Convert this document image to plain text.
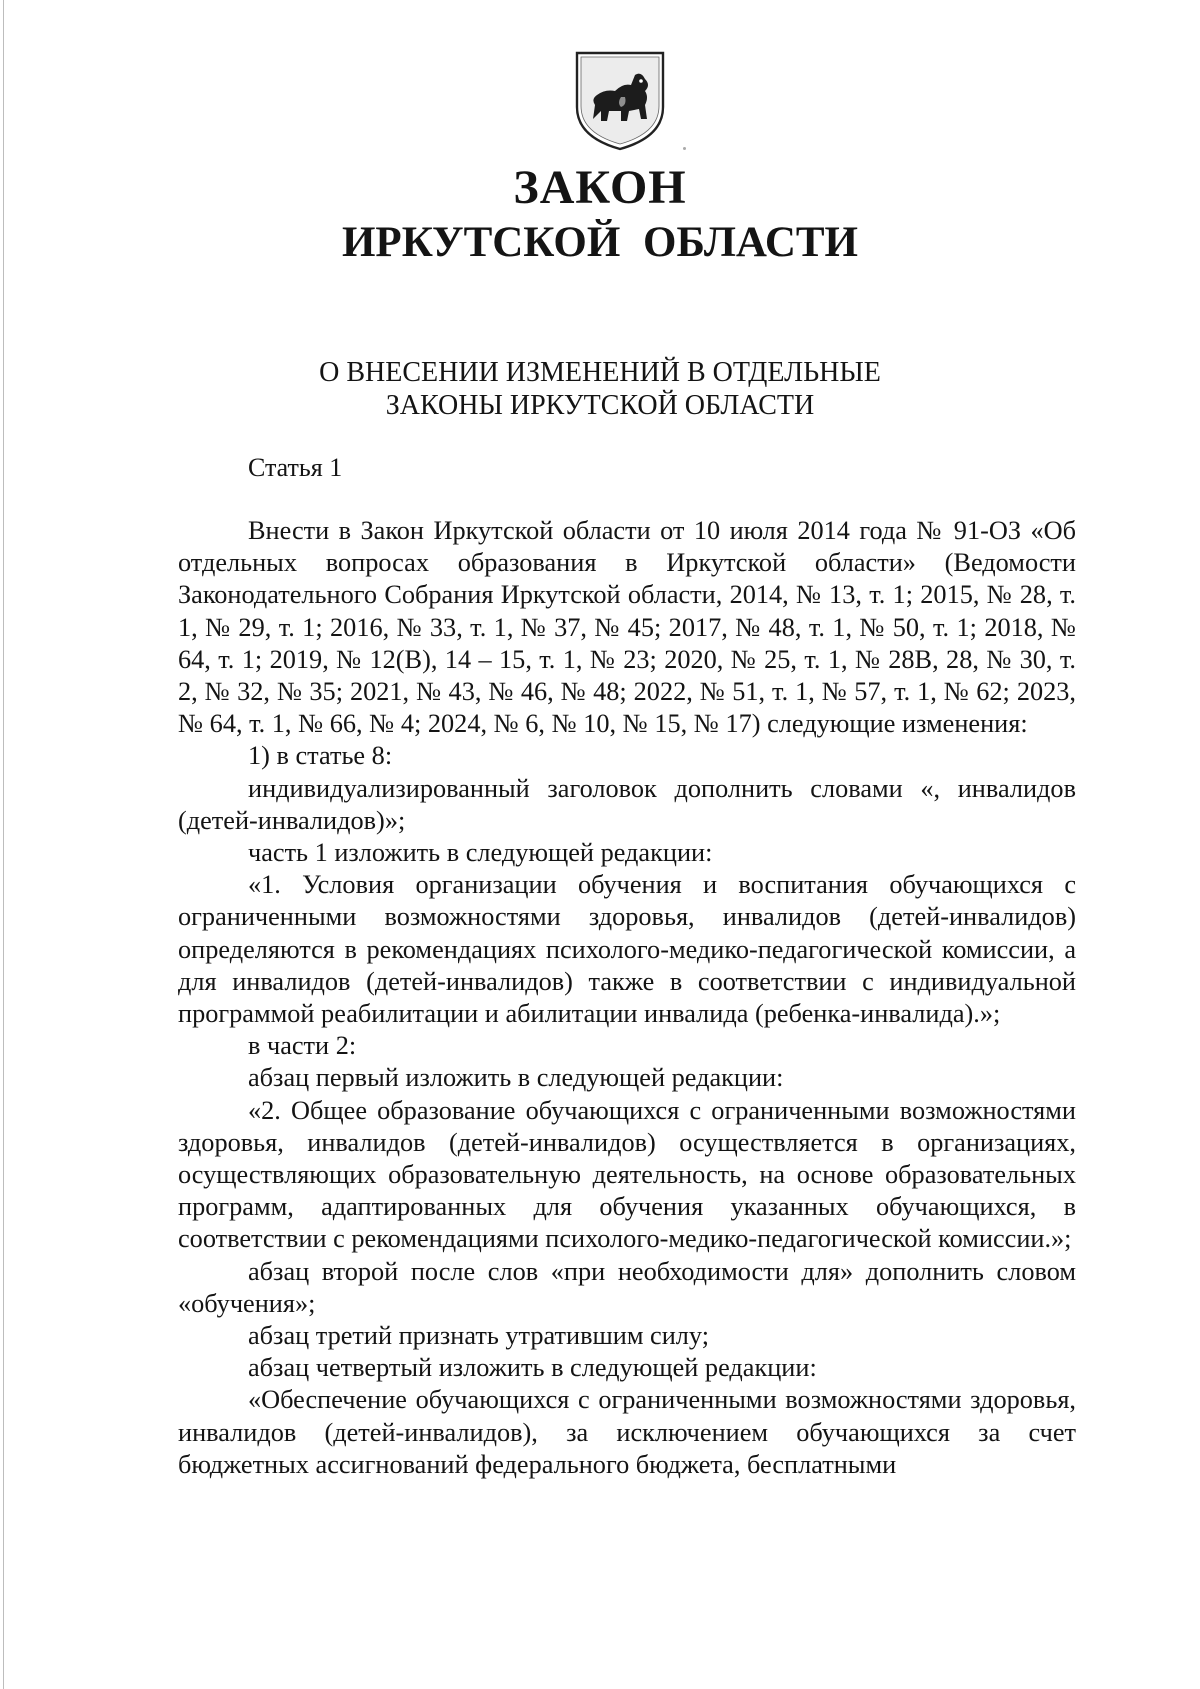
ЗАКОН
ИРКУТСКОЙ ОБЛАСТИ
О ВНЕСЕНИИ ИЗМЕНЕНИЙ В ОТДЕЛЬНЫЕ
ЗАКОНЫ ИРКУТСКОЙ ОБЛАСТИ
Статья 1

Внести в Закон Иркутской области от 10 июля 2014 года № 91-ОЗ «Об отдельных вопросах образования в Иркутской области» (Ведомости Законодательного Собрания Иркутской области, 2014, № 13, т. 1; 2015, № 28, т. 1, № 29, т. 1; 2016, № 33, т. 1, № 37, № 45; 2017, № 48, т. 1, № 50, т. 1; 2018, № 64, т. 1; 2019, № 12(В), 14 – 15, т. 1, № 23; 2020, № 25, т. 1, № 28В, 28, № 30, т. 2, № 32, № 35; 2021, № 43, № 46, № 48; 2022, № 51, т. 1, № 57, т. 1, № 62; 2023, № 64, т. 1, № 66, № 4; 2024, № 6, № 10, № 15, № 17) следующие изменения:

1) в статье 8:

индивидуализированный заголовок дополнить словами «, инвалидов (детей-инвалидов)»;

часть 1 изложить в следующей редакции:

«1. Условия организации обучения и воспитания обучающихся с ограниченными возможностями здоровья, инвалидов (детей-инвалидов) определяются в рекомендациях психолого-медико-педагогической комиссии, а для инвалидов (детей-инвалидов) также в соответствии с индивидуальной программой реабилитации и абилитации инвалида (ребенка-инвалида).»;

в части 2:

абзац первый изложить в следующей редакции:

«2. Общее образование обучающихся с ограниченными возможностями здоровья, инвалидов (детей-инвалидов) осуществляется в организациях, осуществляющих образовательную деятельность, на основе образовательных программ, адаптированных для обучения указанных обучающихся, в соответствии с рекомендациями психолого-медико-педагогической комиссии.»;

абзац второй после слов «при необходимости для» дополнить словом «обучения»;

абзац третий признать утратившим силу;

абзац четвертый изложить в следующей редакции:

«Обеспечение обучающихся с ограниченными возможностями здоровья, инвалидов (детей-инвалидов), за исключением обучающихся за счет бюджетных ассигнований федерального бюджета, бесплатными
